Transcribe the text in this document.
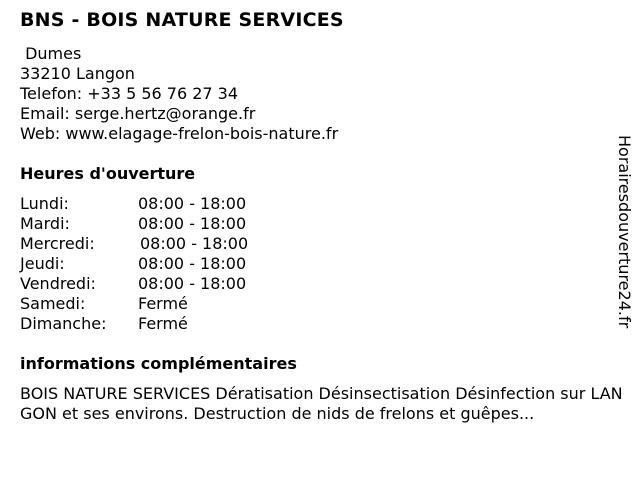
BNS - BOIS NATURE SERVICES
Dumes
33210 Langon
Telefon: +33 5 56 76 27 34
Email: serge.hertz@orange.fr
Web: www.elagage-frelon-bois-nature.fr
Heures d'ouverture
Lundi:	08:00 - 18:00
Mardi:	08:00 - 18:00
Mercredi:	08:00 - 18:00
Jeudi:	08:00 - 18:00
Vendredi:	08:00 - 18:00
Samedi:	Fermé
Dimanche: Fermé
informations complémentaires
BOIS NATURE SERVICES Dératisation Désinsectisation Désinfection sur LANGON et ses environs. Destruction de nids de frelons et guêpes...
Horairesdouverture24.fr
